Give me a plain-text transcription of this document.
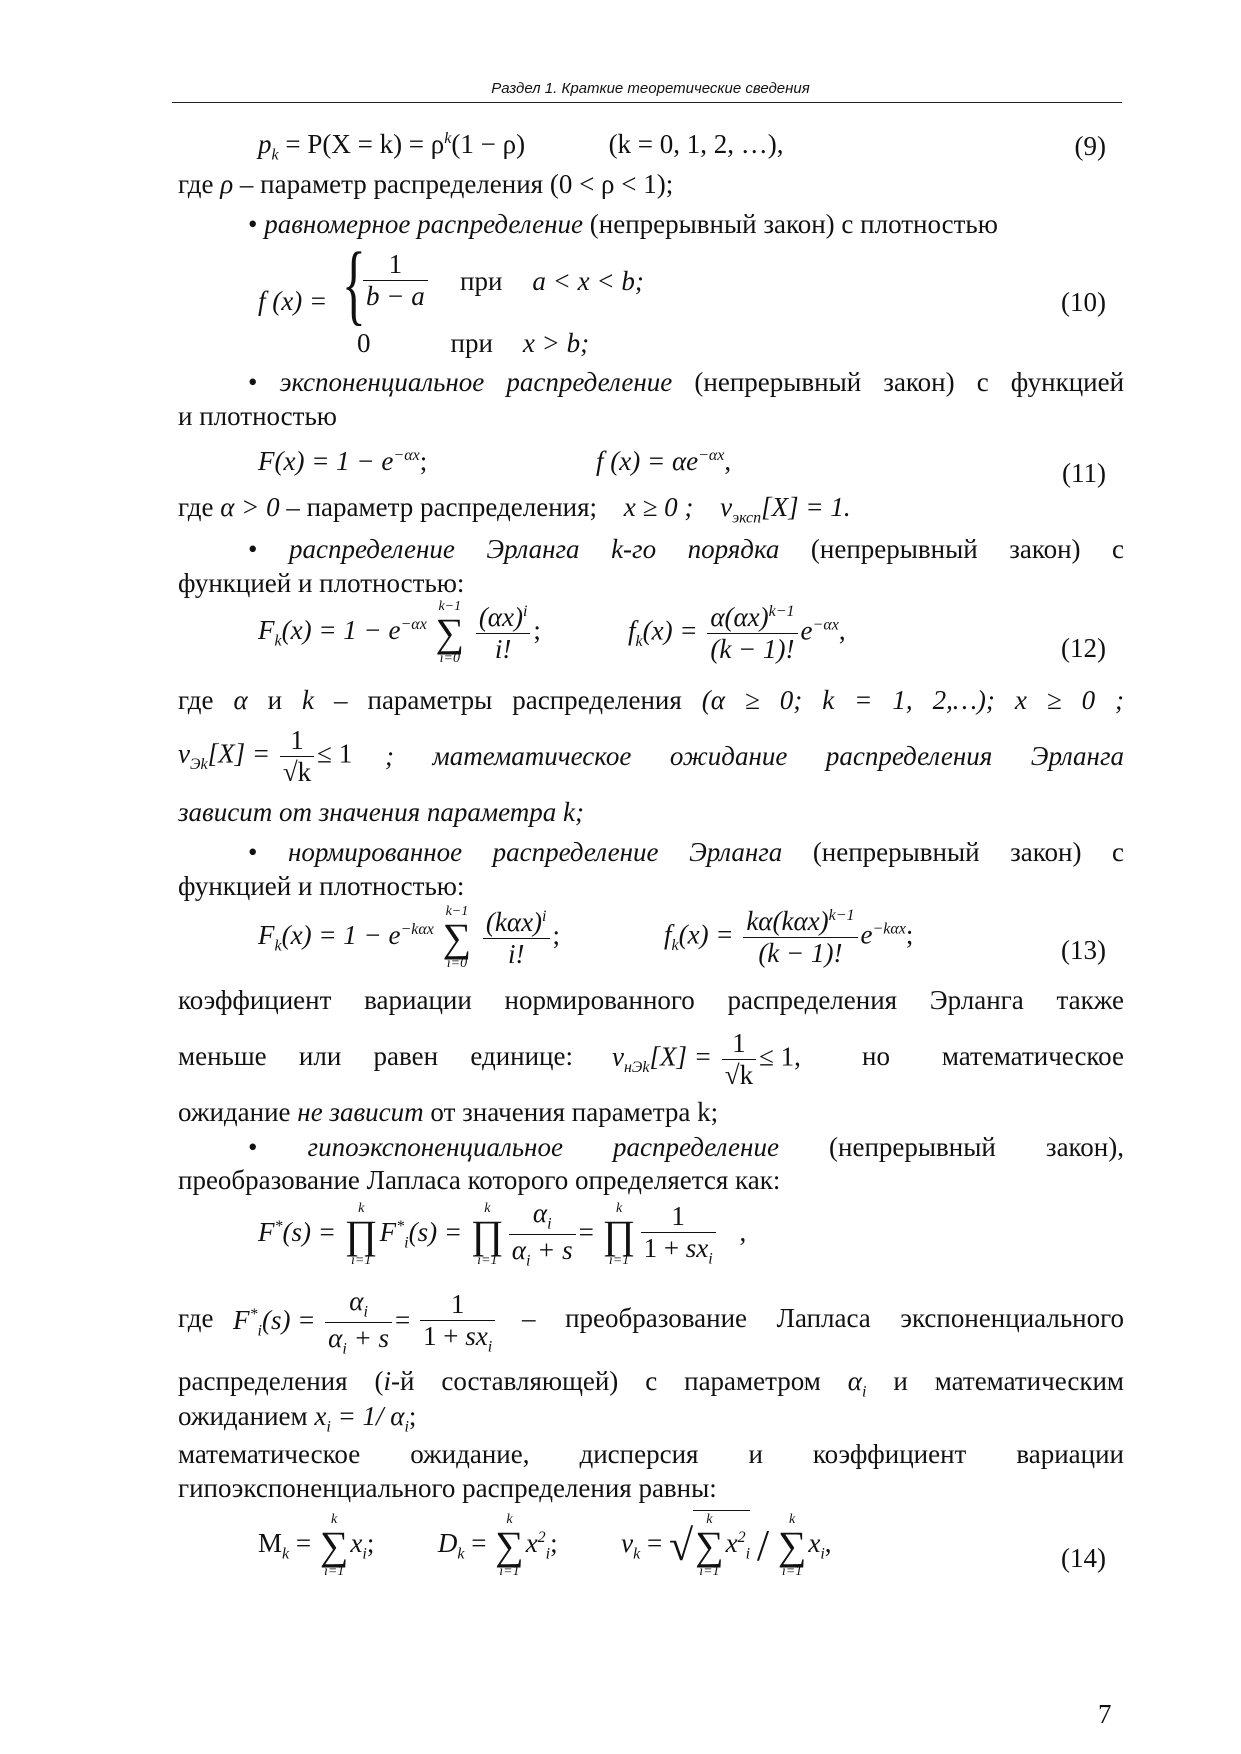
Раздел 1. Краткие теоретические сведения
$p_k = P(X = k) = \rho^k(1 - \rho)$	(k = 0, 1, 2, …),	(9)
где ρ – параметр распределения (0 < ρ < 1);
• равномерное распределение (непрерывный закон) с плотностью
f (x) = {
$\frac{1}{b - a}$ при a < x < b;
0	при x > b;
(10)
• экспоненциальное распределение (непрерывный закон) с функцией
и плотностью
$F(x) = 1 - e^{-\alpha x}$;	f $(x) = \alpha e^{-\alpha x}$,	(11)
где α > 0 – параметр распределения; x ≥ 0 ; $\nu_{эксп}[X] = 1$.
• распределение Эрланга k-го порядка (непрерывный закон) с
функцией и плотностью:
$F_k(x) = 1 - e^{-\alpha x}$
k−1
∑
i=0
$\frac{(\alpha x)^i}{i!}$ ;	$f_k(x) = \frac{\alpha(\alpha x)^{k-1}}{(k - 1)!} e^{-\alpha x}$,
(12)
где α и k – параметры распределения (α ≥ 0; k = 1, 2,…); x ≥ 0 ;
$\nu_{Эk}[X] = \frac{1}{√k} \le 1$ ; математическое ожидание распределения Эрланга
зависит от значения параметра k;
• нормированное распределение Эрланга (непрерывный закон) с
функцией и плотностью:
$F_k(x) = 1 - e^{-k\alpha x}$
k−1
∑
i=0
$\frac{(k\alpha x)^i}{i!}$ ;	$f_k(x) = \frac{k\alpha(k\alpha x)^{k-1}}{(k - 1)!} e^{-k\alpha x}$;
(13)
коэффициент вариации нормированного распределения Эрланга также
меньше или равен единице: $\nu_{нЭk}[X] = \frac{1}{√k} \le 1$, но математическое
ожидание не зависит от значения параметра k;
• гипоэкспоненциальное распределение (непрерывный закон),
преобразование Лапласа которого определяется как:
F*(s) =
k
∏
i=1
$F^*_i(s)$ =
k
∏
$i=1 \frac{\alpha_i}{\alpha_i + s}$ =
k
∏
$i=1 \frac{1}{1 + sx_i}$ ,
где $F^*_i(s) = \frac{\alpha_i}{\alpha_i + s} = \frac{1}{1 + sx_i}$ – преобразование Лапласа экспоненциального
распределения (i-й составляющей) с параметром $\alpha_i$ и математическим
ожиданием $x_i = 1/$ $\alpha_i$;
математическое ожидание, дисперсия и коэффициент вариации
гипоэкспоненциального распределения равны:
$M_k$ =
k
∑
i=1
$x_i$; $D_k$ =
k
∑
i=1
$x^2_i$; $\nu_k$ = √
k
∑
i=1
$x^2_i$ /
k
∑
i=1
$x_i$,	(14)
7
